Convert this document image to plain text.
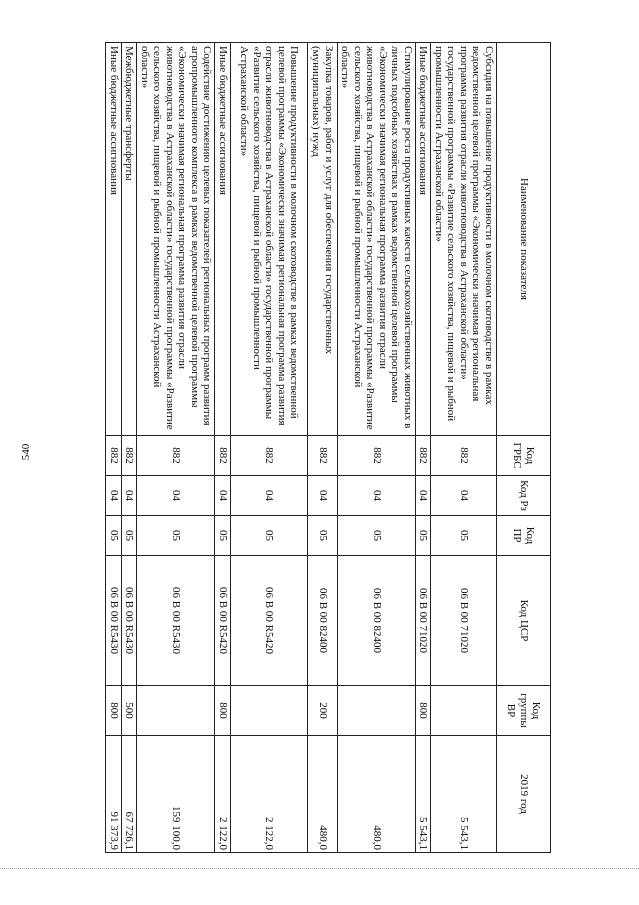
540
Наименование показателя	Код ГРБС	Код Рз	Код ПР	Код ЦСР	Код группы ВР	2019 год
Субсидия на повышение продуктивности в молочном скотоводстве в рамках ведомственной целевой программы «Экономически значимая региональная программа развития отрасли животноводства в Астраханской области» государственной программы «Развитие сельского хозяйства, пищевой и рыбной промышленности Астраханской области»	882	04	05	06 В 00 71020		5 543,1
Иные бюджетные ассигнования	882	04	05	06 В 00 71020	800	5 543,1
Стимулирование роста продуктивных качеств сельскохозяйственных животных в личных подсобных хозяйствах в рамках ведомственной целевой программы «Экономически значимая региональная программа развития отрасли животноводства в Астраханской области» государственной программы «Развитие сельского хозяйства, пищевой и рыбной промышленности Астраханской области»	882	04	05	06 В 00 82400		480,0
Закупка товаров, работ и услуг для обеспечения государственных (муниципальных) нужд	882	04	05	06 В 00 82400	200	480,0
Повышение продуктивности в молочном скотоводстве в рамках ведомственной целевой программы «Экономически значимая региональная программа развития отрасли животноводства в Астраханской области» государственной программы «Развитие сельского хозяйства, пищевой и рыбной промышленности Астраханской области»	882	04	05	06 В 00 R5420		2 122,0
Иные бюджетные ассигнования	882	04	05	06 В 00 R5420	800	2 122,0
Содействие достижению целевых показателей региональных программ развития агропромышленного комплекса в рамках ведомственной целевой программы «Экономически значимая региональная программа развития отрасли животноводства в Астраханской области» государственной программы «Развитие сельского хозяйства, пищевой и рыбной промышленности Астраханской области»	882	04	05	06 В 00 R5430		159 100,0
Межбюджетные трансферты	882	04	05	06 В 00 R5430	500	67 726,1
Иные бюджетные ассигнования	882	04	05	06 В 00 R5430	800	91 373,9
